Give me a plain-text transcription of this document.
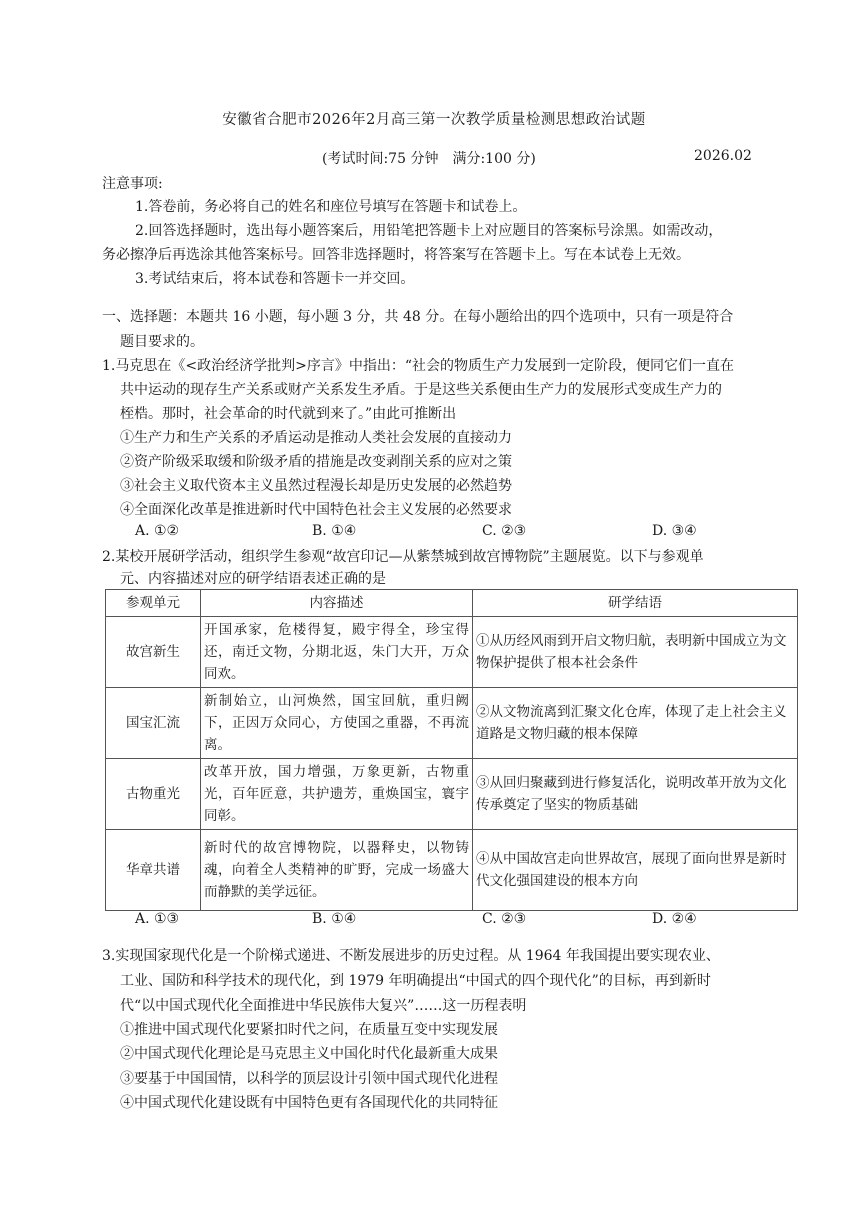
安徽省合肥市2026年2月高三第一次教学质量检测思想政治试题
(考试时间:75 分钟　满分:100 分)	2026.02
注意事项:
1.答卷前，务必将自己的姓名和座位号填写在答题卡和试卷上。
2.回答选择题时，选出每小题答案后，用铅笔把答题卡上对应题目的答案标号涂黑。如需改动，
务必擦净后再选涂其他答案标号。回答非选择题时，将答案写在答题卡上。写在本试卷上无效。
3.考试结束后，将本试卷和答题卡一并交回。
一、选择题：本题共 16 小题，每小题 3 分，共 48 分。在每小题给出的四个选项中，只有一项是符合
题目要求的。
1.马克思在《<政治经济学批判>序言》中指出：“社会的物质生产力发展到一定阶段，便同它们一直在
共中运动的现存生产关系或财产关系发生矛盾。于是这些关系便由生产力的发展形式变成生产力的
桎梏。那时，社会革命的时代就到来了。”由此可推断出
①生产力和生产关系的矛盾运动是推动人类社会发展的直接动力
②资产阶级采取缓和阶级矛盾的措施是改变剥削关系的应对之策
③社会主义取代资本主义虽然过程漫长却是历史发展的必然趋势
④全面深化改革是推进新时代中国特色社会主义发展的必然要求
A. ①②	B. ①④	C. ②③	D. ③④
2.某校开展研学活动，组织学生参观“故宫印记—从紫禁城到故宫博物院”主题展览。以下与参观单
元、内容描述对应的研学结语表述正确的是
参观单元	内容描述	研学结语
故宫新生	开国承家，危楼得复，殿宇得全，珍宝得还，南迁文物，分期北返，朱门大开，万众同欢。	①从历经风雨到开启文物归航，表明新中国成立为文物保护提供了根本社会条件
国宝汇流	新制始立，山河焕然，国宝回航，重归阙下，正因万众同心，方使国之重器，不再流离。	②从文物流离到汇聚文化仓库，体现了走上社会主义道路是文物归藏的根本保障
古物重光	改革开放，国力增强，万象更新，古物重光，百年匠意，共护遗芳，重焕国宝，寰宇同彰。	③从回归聚藏到进行修复活化，说明改革开放为文化传承奠定了坚实的物质基础
华章共谱	新时代的故宫博物院，以器释史，以物铸魂，向着全人类精神的旷野，完成一场盛大而静默的美学远征。	④从中国故宫走向世界故宫，展现了面向世界是新时代文化强国建设的根本方向
A. ①③	B. ①④	C. ②③	D. ②④
3.实现国家现代化是一个阶梯式递进、不断发展进步的历史过程。从 1964 年我国提出要实现农业、
工业、国防和科学技术的现代化，到 1979 年明确提出“中国式的四个现代化”的目标，再到新时
代“以中国式现代化全面推进中华民族伟大复兴”……这一历程表明
①推进中国式现代化要紧扣时代之问，在质量互变中实现发展
②中国式现代化理论是马克思主义中国化时代化最新重大成果
③要基于中国国情，以科学的顶层设计引领中国式现代化进程
④中国式现代化建设既有中国特色更有各国现代化的共同特征
